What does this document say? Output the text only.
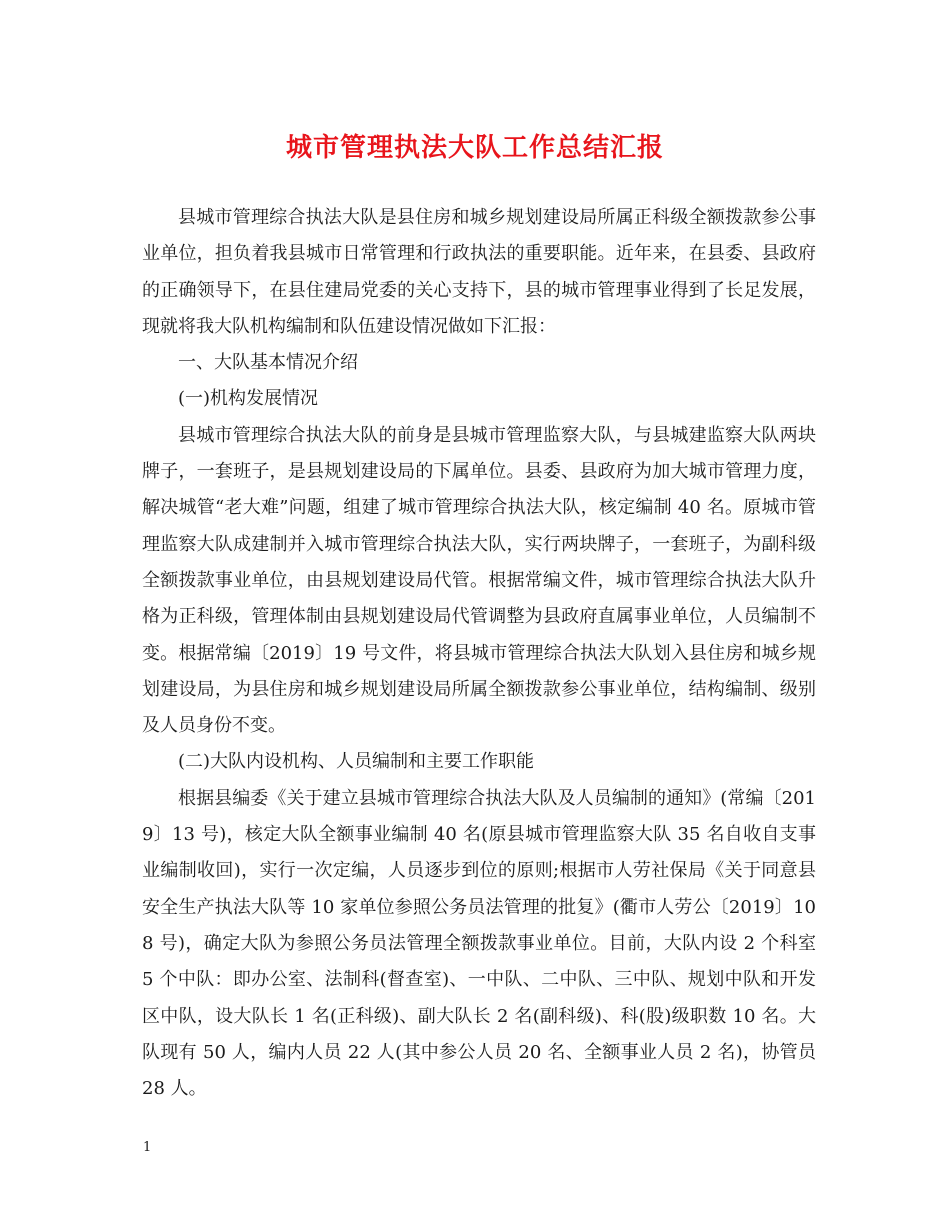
城市管理执法大队工作总结汇报

县城市管理综合执法大队是县住房和城乡规划建设局所属正科级全额拨款参公事业单位，担负着我县城市日常管理和行政执法的重要职能。近年来，在县委、县政府的正确领导下，在县住建局党委的关心支持下，县的城市管理事业得到了长足发展，现就将我大队机构编制和队伍建设情况做如下汇报：

一、大队基本情况介绍

(一)机构发展情况

县城市管理综合执法大队的前身是县城市管理监察大队，与县城建监察大队两块牌子，一套班子，是县规划建设局的下属单位。县委、县政府为加大城市管理力度，解决城管“老大难”问题，组建了城市管理综合执法大队，核定编制 40 名。原城市管理监察大队成建制并入城市管理综合执法大队，实行两块牌子，一套班子，为副科级全额拨款事业单位，由县规划建设局代管。根据常编文件，城市管理综合执法大队升格为正科级，管理体制由县规划建设局代管调整为县政府直属事业单位，人员编制不变。根据常编〔2019〕19 号文件，将县城市管理综合执法大队划入县住房和城乡规划建设局，为县住房和城乡规划建设局所属全额拨款参公事业单位，结构编制、级别及人员身份不变。

(二)大队内设机构、人员编制和主要工作职能

根据县编委《关于建立县城市管理综合执法大队及人员编制的通知》(常编〔2019〕13 号)，核定大队全额事业编制 40 名(原县城市管理监察大队 35 名自收自支事业编制收回)，实行一次定编，人员逐步到位的原则;根据市人劳社保局《关于同意县安全生产执法大队等 10 家单位参照公务员法管理的批复》(衢市人劳公〔2019〕108 号)，确定大队为参照公务员法管理全额拨款事业单位。目前，大队内设 2 个科室 5 个中队：即办公室、法制科(督查室)、一中队、二中队、三中队、规划中队和开发区中队，设大队长 1 名(正科级)、副大队长 2 名(副科级)、科(股)级职数 10 名。大队现有 50 人，编内人员 22 人(其中参公人员 20 名、全额事业人员 2 名)，协管员 28 人。

1
